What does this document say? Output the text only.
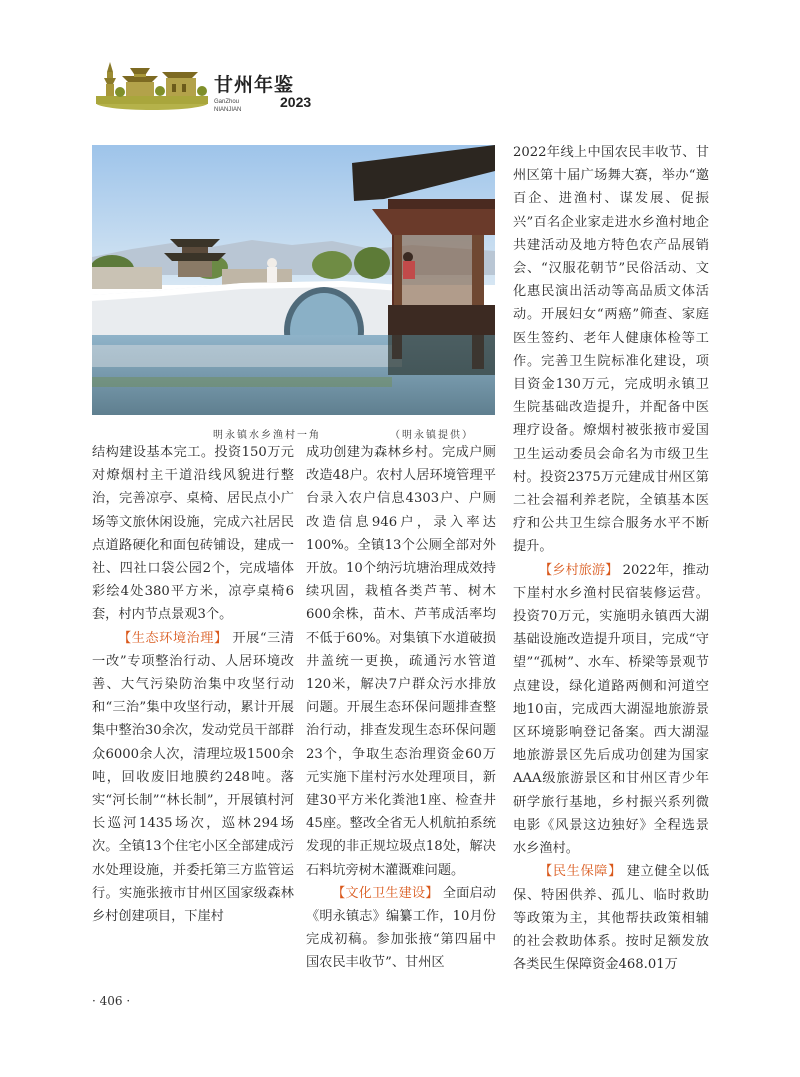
甘州年鉴
GanZhou
NIANJIAN	2023
明永镇水乡渔村一角	（明永镇提供）

结构建设基本完工。投资150万元对燎烟村主干道沿线风貌进行整治，完善凉亭、桌椅、居民点小广场等文旅休闲设施，完成六社居民点道路硬化和面包砖铺设，建成一社、四社口袋公园2个，完成墙体彩绘4处380平方米，凉亭桌椅6套，村内节点景观3个。

【生态环境治理】 开展“三清一改”专项整治行动、人居环境改善、大气污染防治集中攻坚行动和“三治”集中攻坚行动，累计开展集中整治30余次，发动党员干部群众6000余人次，清理垃圾1500余吨，回收废旧地膜约248吨。落实“河长制”“林长制”，开展镇村河长巡河1435场次，巡林294场次。全镇13个住宅小区全部建成污水处理设施，并委托第三方监管运行。实施张掖市甘州区国家级森林乡村创建项目，下崖村

成功创建为森林乡村。完成户厕改造48户。农村人居环境管理平台录入农户信息4303户、户厕改造信息946户，录入率达100%。全镇13个公厕全部对外开放。10个纳污坑塘治理成效持续巩固，栽植各类芦苇、树木600余株，苗木、芦苇成活率均不低于60%。对集镇下水道破损井盖统一更换，疏通污水管道120米，解决7户群众污水排放问题。开展生态环保问题排查整治行动，排查发现生态环保问题23个，争取生态治理资金60万元实施下崖村污水处理项目，新建30平方米化粪池1座、检查井45座。整改全省无人机航拍系统发现的非正规垃圾点18处，解决石料坑旁树木灌溉难问题。

【文化卫生建设】 全面启动《明永镇志》编纂工作，10月份完成初稿。参加张掖“第四届中国农民丰收节”、甘州区

2022年线上中国农民丰收节、甘州区第十届广场舞大赛，举办“邀百企、进渔村、谋发展、促振兴”百名企业家走进水乡渔村地企共建活动及地方特色农产品展销会、“汉服花朝节”民俗活动、文化惠民演出活动等高品质文体活动。开展妇女“两癌”筛查、家庭医生签约、老年人健康体检等工作。完善卫生院标准化建设，项目资金130万元，完成明永镇卫生院基础改造提升，并配备中医理疗设备。燎烟村被张掖市爱国卫生运动委员会命名为市级卫生村。投资2375万元建成甘州区第二社会福利养老院，全镇基本医疗和公共卫生综合服务水平不断提升。

【乡村旅游】 2022年，推动下崖村水乡渔村民宿装修运营。投资70万元，实施明永镇西大湖基础设施改造提升项目，完成“守望”“孤树”、水车、桥梁等景观节点建设，绿化道路两侧和河道空地10亩，完成西大湖湿地旅游景区环境影响登记备案。西大湖湿地旅游景区先后成功创建为国家AAA级旅游景区和甘州区青少年研学旅行基地，乡村振兴系列微电影《风景这边独好》全程选景水乡渔村。

【民生保障】 建立健全以低保、特困供养、孤儿、临时救助等政策为主，其他帮扶政策相辅的社会救助体系。按时足额发放各类民生保障资金468.01万

· 406 ·
